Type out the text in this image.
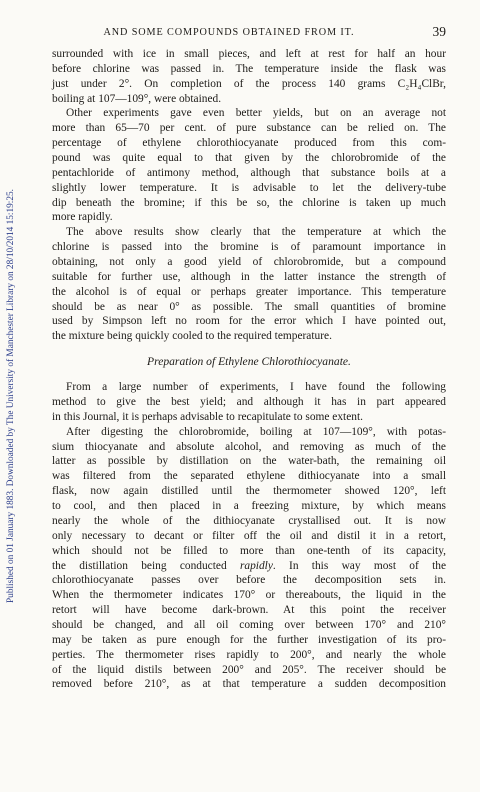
Published on 01 January 1883. Downloaded by The University of Manchester Library on 28/10/2014 15:19:25.
AND SOME COMPOUNDS OBTAINED FROM IT.	39
surrounded with ice in small pieces, and left at rest for half an hour
before chlorine was passed in. The temperature inside the flask was
just under 2°. On completion of the process 140 grams C₂H₄ClBr,
boiling at 107—109°, were obtained.
Other experiments gave even better yields, but on an average not
more than 65—70 per cent. of pure substance can be relied on. The
percentage of ethylene chlorothiocyanate produced from this com-
pound was quite equal to that given by the chlorobromide of the
pentachloride of antimony method, although that substance boils at a
slightly lower temperature. It is advisable to let the delivery-tube
dip beneath the bromine; if this be so, the chlorine is taken up much
more rapidly.
The above results show clearly that the temperature at which the
chlorine is passed into the bromine is of paramount importance in
obtaining, not only a good yield of chlorobromide, but a compound
suitable for further use, although in the latter instance the strength of
the alcohol is of equal or perhaps greater importance. This temperature
should be as near 0° as possible. The small quantities of bromine
used by Simpson left no room for the error which I have pointed out,
the mixture being quickly cooled to the required temperature.
Preparation of Ethylene Chlorothiocyanate.
From a large number of experiments, I have found the following
method to give the best yield; and although it has in part appeared
in this Journal, it is perhaps advisable to recapitulate to some extent.
After digesting the chlorobromide, boiling at 107—109°, with potas-
sium thiocyanate and absolute alcohol, and removing as much of the
latter as possible by distillation on the water-bath, the remaining oil
was filtered from the separated ethylene dithiocyanate into a small
flask, now again distilled until the thermometer showed 120°, left
to cool, and then placed in a freezing mixture, by which means
nearly the whole of the dithiocyanate crystallised out. It is now
only necessary to decant or filter off the oil and distil it in a retort,
which should not be filled to more than one-tenth of its capacity,
the distillation being conducted rapidly. In this way most of the
chlorothiocyanate passes over before the decomposition sets in.
When the thermometer indicates 170° or thereabouts, the liquid in the
retort will have become dark-brown. At this point the receiver
should be changed, and all oil coming over between 170° and 210°
may be taken as pure enough for the further investigation of its pro-
perties. The thermometer rises rapidly to 200°, and nearly the whole
of the liquid distils between 200° and 205°. The receiver should be
removed before 210°, as at that temperature a sudden decomposition
